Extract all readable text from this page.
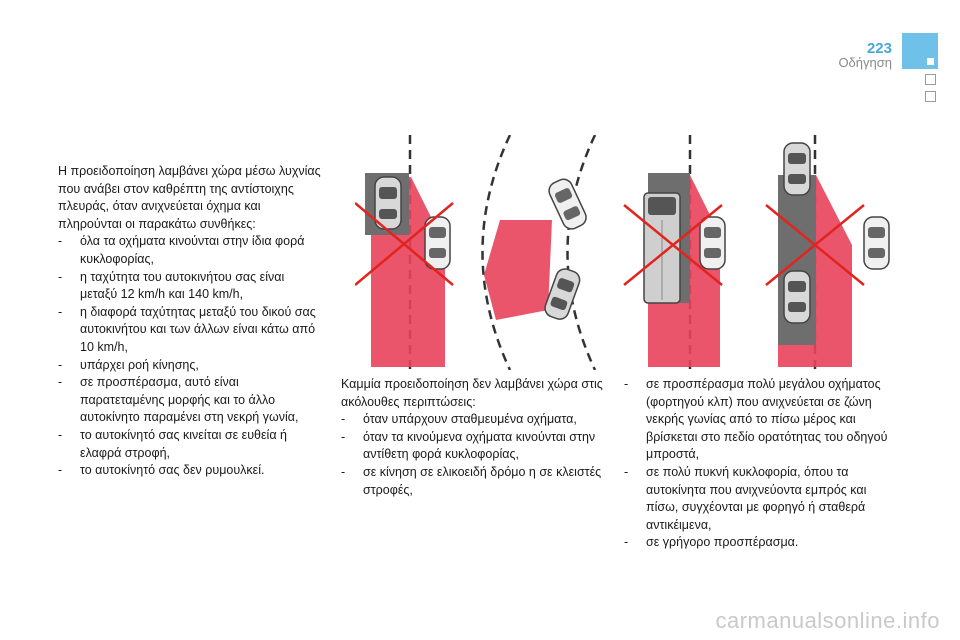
223
Οδήγηση

Η προειδοποίηση λαμβάνει χώρα μέσω λυχνίας που ανάβει στον καθρέπτη της αντίστοιχης πλευράς, όταν ανιχνεύεται όχημα και πληρούνται οι παρακάτω συνθήκες:

- όλα τα οχήματα κινούνται στην ίδια φορά κυκλοφορίας,
- η ταχύτητα του αυτοκινήτου σας είναι μεταξύ 12 km/h και 140 km/h,
- η διαφορά ταχύτητας μεταξύ του δικού σας αυτοκινήτου και των άλλων είναι κάτω από 10 km/h,
- υπάρχει ροή κίνησης,
- σε προσπέρασμα, αυτό είναι παρατεταμένης μορφής και το άλλο αυτοκίνητο παραμένει στη νεκρή γωνία,
- το αυτοκίνητό σας κινείται σε ευθεία ή ελαφρά στροφή,
- το αυτοκίνητό σας δεν ρυμουλκεί.

Καμμία προειδοποίηση δεν λαμβάνει χώρα στις ακόλουθες περιπτώσεις:

- όταν υπάρχουν σταθμευμένα οχήματα,
- όταν τα κινούμενα οχήματα κινούνται στην αντίθετη φορά κυκλοφορίας,
- σε κίνηση σε ελικοειδή δρόμο η σε κλειστές στροφές,
- σε προσπέρασμα πολύ μεγάλου οχήματος (φορτηγού κλπ) που ανιχνεύεται σε ζώνη νεκρής γωνίας από το πίσω μέρος και βρίσκεται στο πεδίο ορατότητας του οδηγού μπροστά,
- σε πολύ πυκνή κυκλοφορία, όπου τα αυτοκίνητα που ανιχνεύοντα εμπρός και πίσω, συγχέονται με φορηγό ή σταθερά αντικέιμενα,
- σε γρήγορο προσπέρασμα.
carmanualsonline.info
